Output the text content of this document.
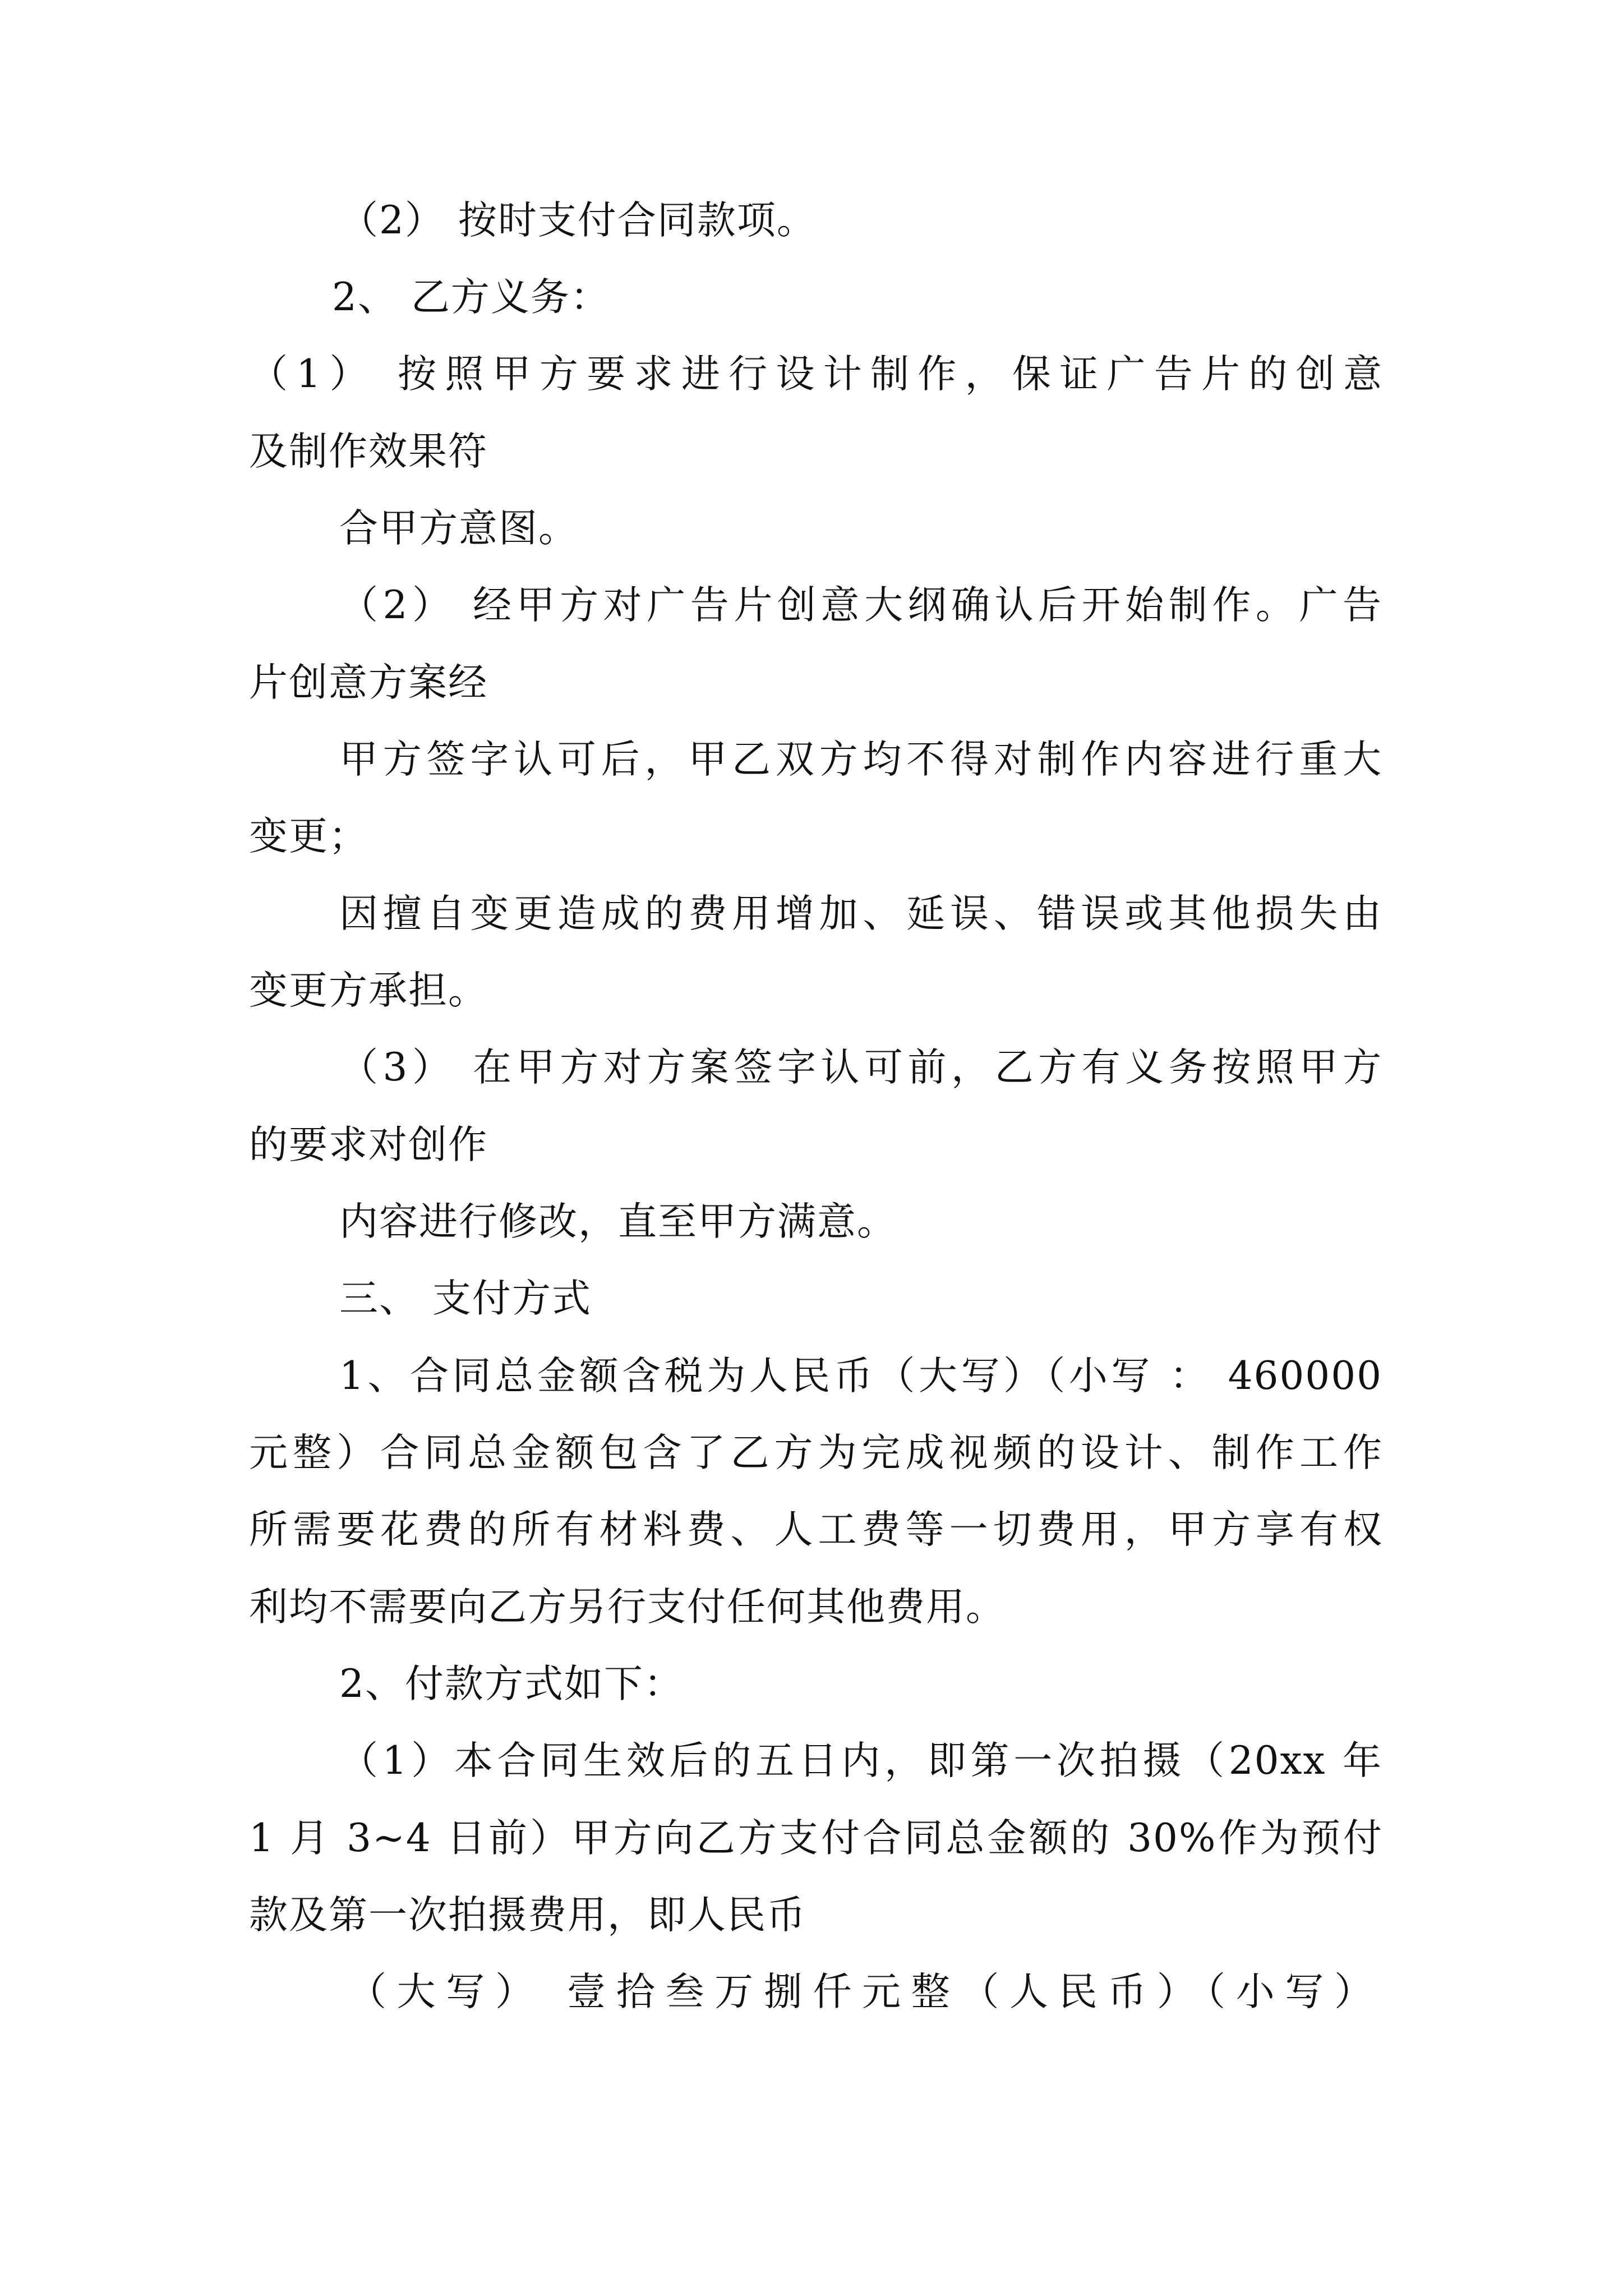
（2） 按时支付合同款项。
2、 乙方义务：
（1） 按照甲方要求进行设计制作，保证广告片的创意
及制作效果符
合甲方意图。
（2） 经甲方对广告片创意大纲确认后开始制作。广告
片创意方案经
甲方签字认可后，甲乙双方均不得对制作内容进行重大
变更；
因擅自变更造成的费用增加、延误、错误或其他损失由
变更方承担。
（3） 在甲方对方案签字认可前，乙方有义务按照甲方
的要求对创作
内容进行修改，直至甲方满意。
三、 支付方式
1、合同总金额含税为人民币（大写）（小写 ： 460000
元整）合同总金额包含了乙方为完成视频的设计、制作工作
所需要花费的所有材料费、人工费等一切费用，甲方享有权
利均不需要向乙方另行支付任何其他费用。
2、付款方式如下：
（1）本合同生效后的五日内，即第一次拍摄（20xx 年
1 月 3~4 日前）甲方向乙方支付合同总金额的 30%作为预付
款及第一次拍摄费用，即人民币
（大写） 壹拾叁万捌仟元整（人民币）（小写）
